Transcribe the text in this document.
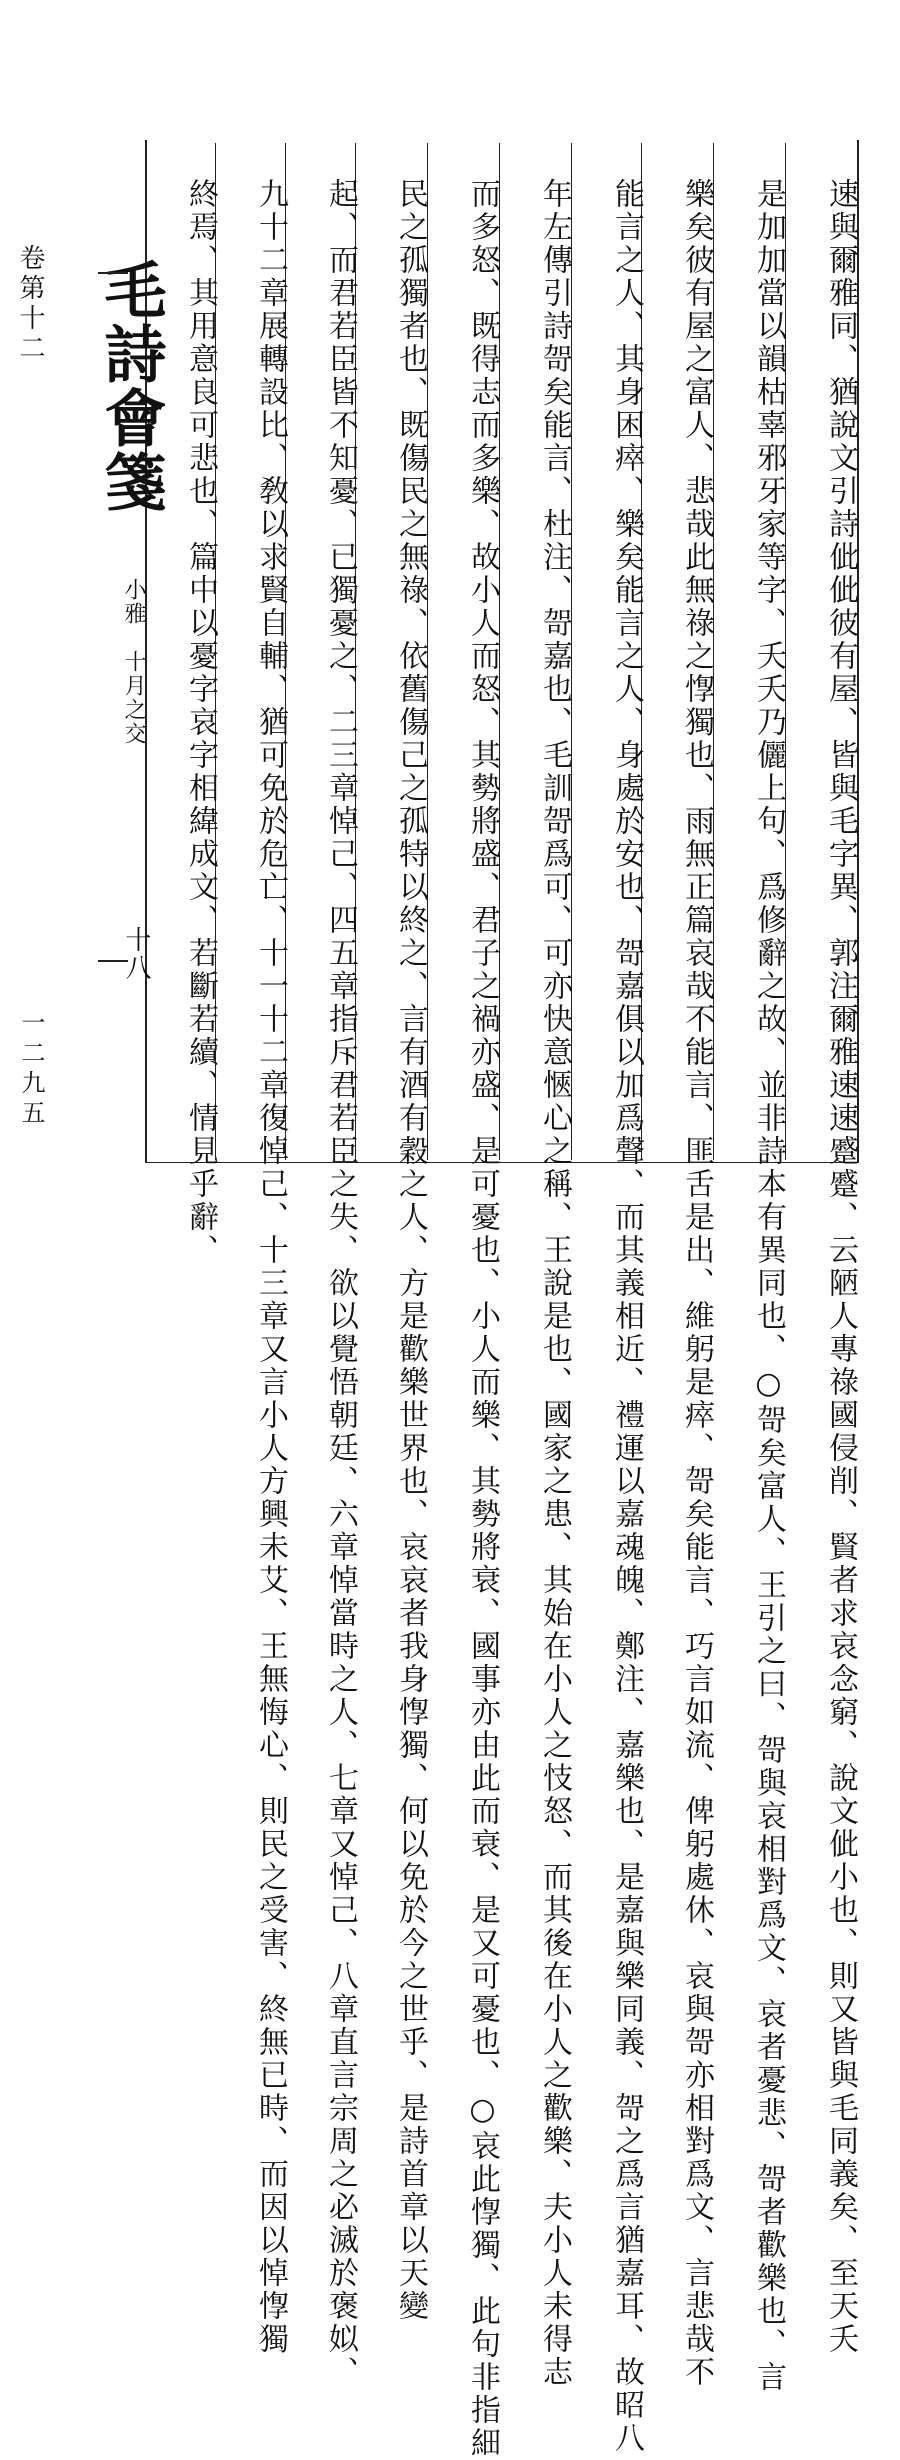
卷第十二
一二九五
毛詩會箋
小雅　十月之交
十八	速與爾雅同、猶說文引詩佌佌彼有屋、皆與毛字異、郭注爾雅速速蹙蹙、云陋人專祿國侵削、賢者求哀念窮、說文佌小也、則又皆與毛同義矣、至天夭
是加加當以韻枯辜邪牙家等字、夭夭乃儷上句、爲修辭之故、並非詩本有異同也、○哿矣富人、王引之曰、哿與哀相對爲文、哀者憂悲、哿者歡樂也、言
樂矣彼有屋之富人、悲哉此無祿之惸獨也、雨無正篇哀哉不能言、匪舌是出、維躬是瘁、哿矣能言、巧言如流、俾躬處休、哀與哿亦相對爲文、言悲哉不
能言之人、其身困瘁、樂矣能言之人、身處於安也、哿嘉俱以加爲聲、而其義相近、禮運以嘉魂魄、鄭注、嘉樂也、是嘉與樂同義、哿之爲言猶嘉耳、故昭八
年左傳引詩哿矣能言、杜注、哿嘉也、毛訓哿爲可、可亦快意愜心之稱、王說是也、國家之患、其始在小人之忮怒、而其後在小人之歡樂、夫小人未得志
而多怒、既得志而多樂、故小人而怒、其勢將盛、君子之禍亦盛、是可憂也、小人而樂、其勢將衰、國事亦由此而衰、是又可憂也、○哀此惸獨、此句非指細
民之孤獨者也、既傷民之無祿、依舊傷己之孤特以終之、言有酒有穀之人、方是歡樂世界也、哀哀者我身惸獨、何以免於今之世乎、是詩首章以天變
起、而君若臣皆不知憂、已獨憂之、二三章悼己、四五章指斥君若臣之失、欲以覺悟朝廷、六章悼當時之人、七章又悼己、八章直言宗周之必滅於褒姒、
九十二章展轉設比、敎以求賢自輔、猶可免於危亡、十一十二章復悼己、十三章又言小人方興未艾、王無悔心、則民之受害、終無已時、而因以悼惸獨
終焉、其用意良可悲也、篇中以憂字哀字相緯成文、若斷若續、情見乎辭、
